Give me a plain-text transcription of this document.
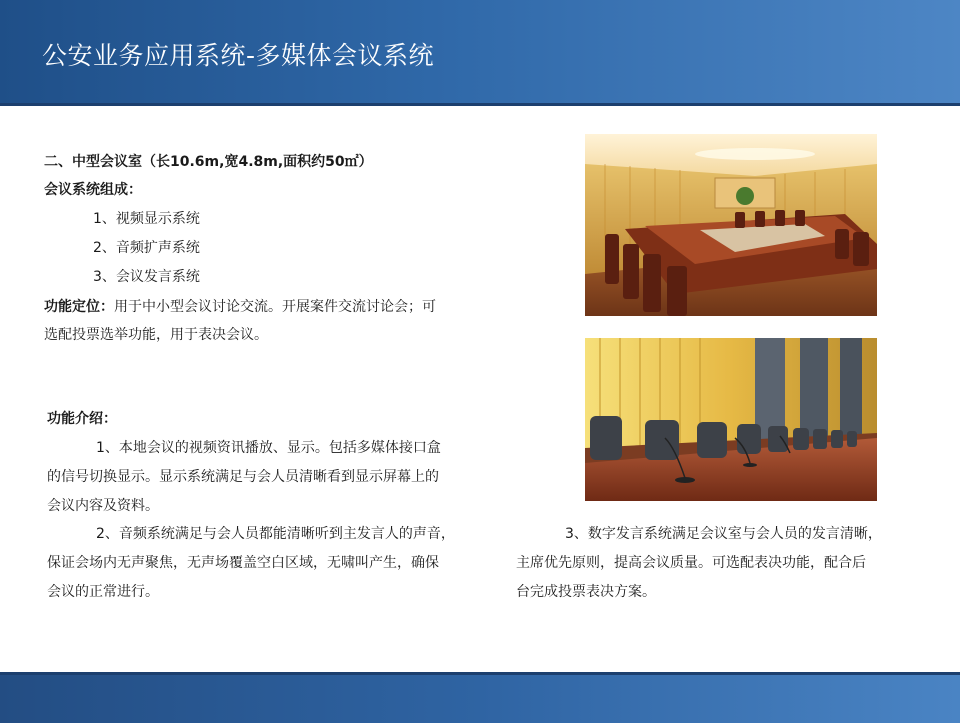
公安业务应用系统-多媒体会议系统
二、中型会议室（长10.6m,宽4.8m,面积约50㎡）
会议系统组成：
1、视频显示系统
2、音频扩声系统
3、会议发言系统
功能定位：用于中小型会议讨论交流。开展案件交流讨论会；可
选配投票选举功能，用于表决会议。
功能介绍：
1、本地会议的视频资讯播放、显示。包括多媒体接口盒
的信号切换显示。显示系统满足与会人员清晰看到显示屏幕上的
会议内容及资料。
2、音频系统满足与会人员都能清晰听到主发言人的声音，
保证会场内无声聚焦，无声场覆盖空白区域，无啸叫产生，确保
会议的正常进行。
3、数字发言系统满足会议室与会人员的发言清晰，
主席优先原则，提高会议质量。可选配表决功能，配合后
台完成投票表决方案。
